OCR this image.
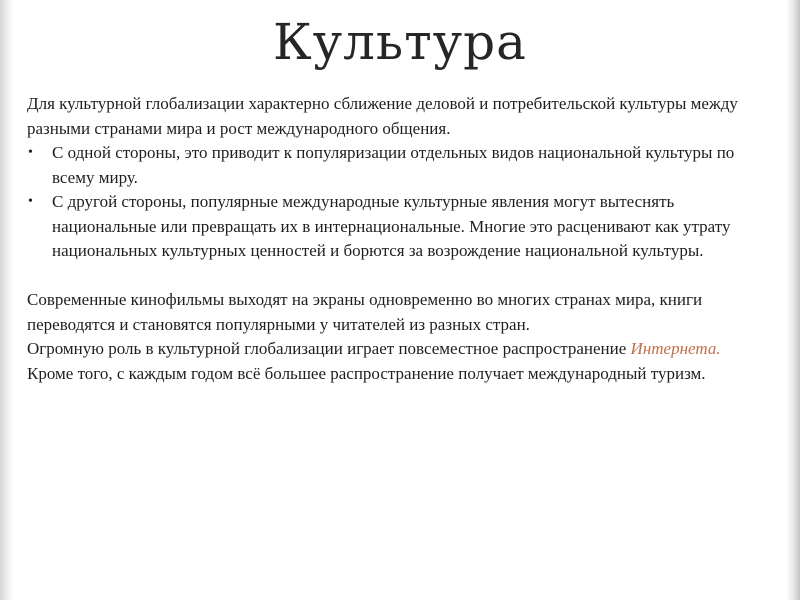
Культура

Для культурной глобализации характерно сближение деловой и потребительской культуры между разными странами мира и рост международного общения.

• С одной стороны, это приводит к популяризации отдельных видов национальной культуры по всему миру.
• С другой стороны, популярные международные культурные явления могут вытеснять национальные или превращать их в интернациональные. Многие это расценивают как утрату национальных культурных ценностей и борются за возрождение национальной культуры.

Современные кинофильмы выходят на экраны одновременно во многих странах мира, книги переводятся и становятся популярными у читателей из разных стран.

Огромную роль в культурной глобализации играет повсеместное распространение Интернета.

Кроме того, с каждым годом всё большее распространение получает международный туризм.
